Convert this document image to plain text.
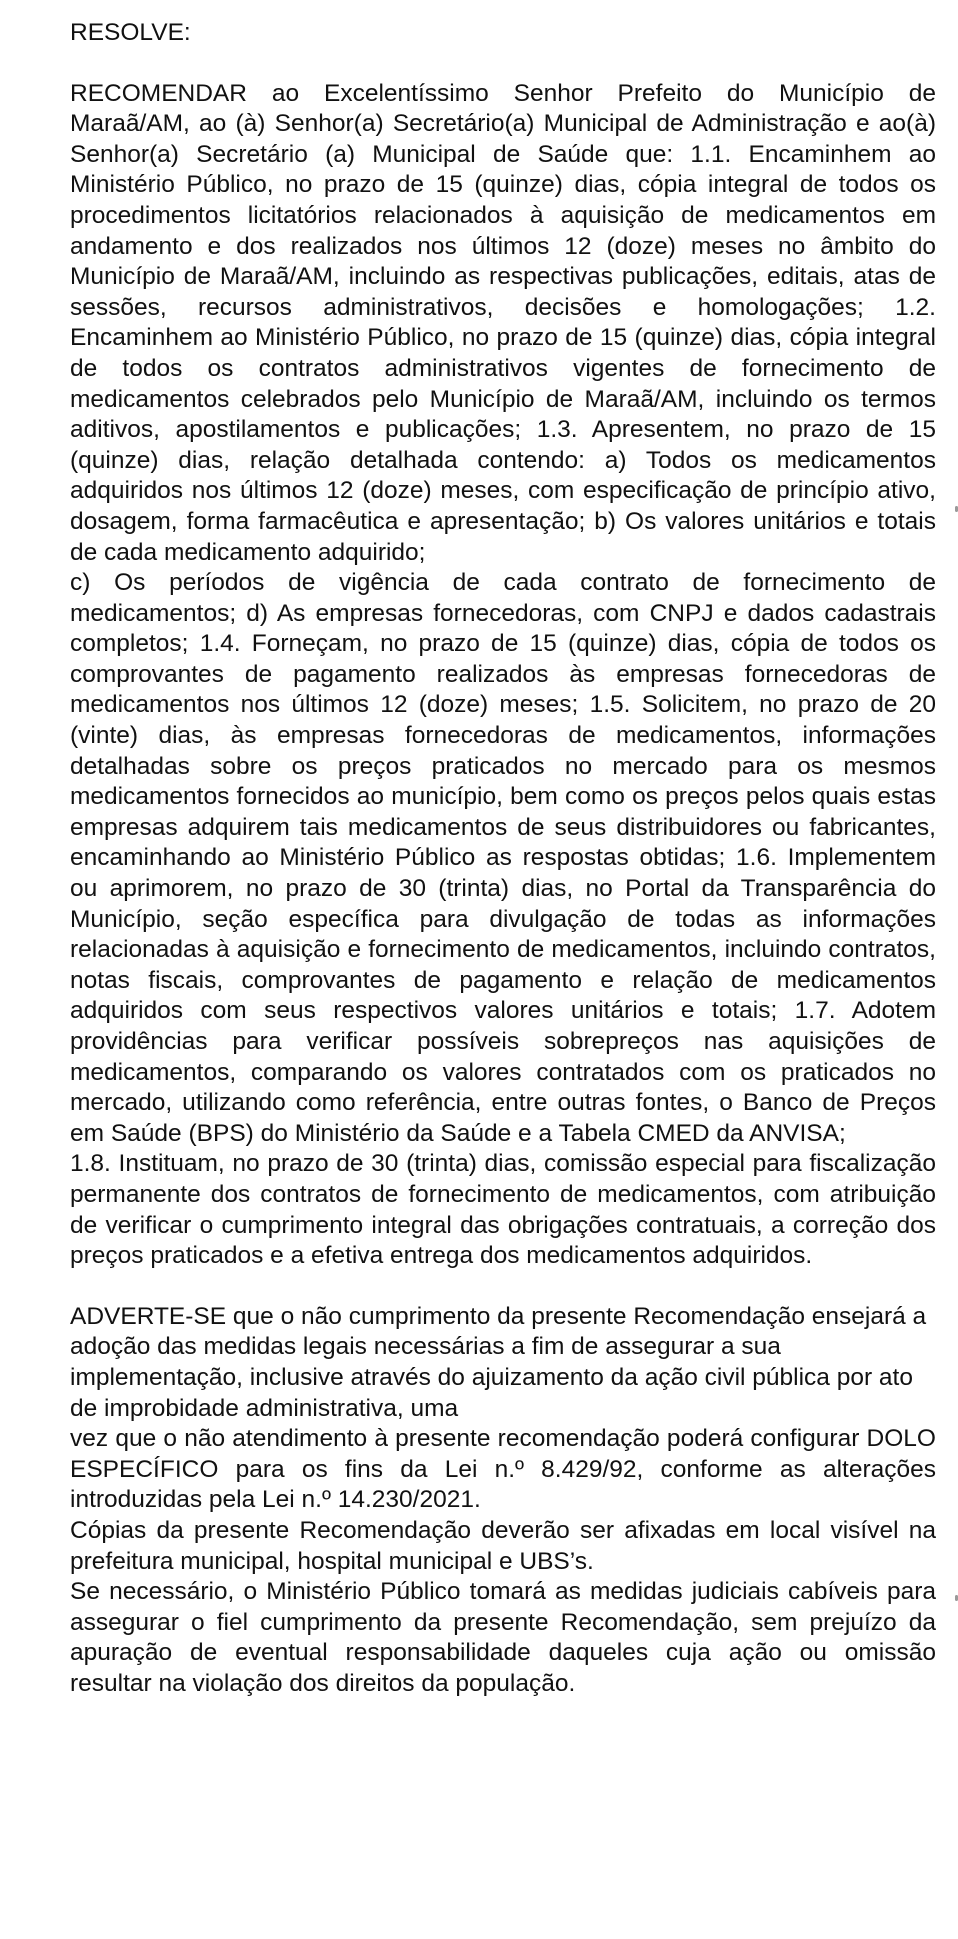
RESOLVE:

RECOMENDAR ao Excelentíssimo Senhor Prefeito do Município de Maraã/AM, ao (à) Senhor(a) Secretário(a) Municipal de Administração e ao(à) Senhor(a) Secretário (a) Municipal de Saúde que: 1.1. Encaminhem ao Ministério Público, no prazo de 15 (quinze) dias, cópia integral de todos os procedimentos licitatórios relacionados à aquisição de medicamentos em andamento e dos realizados nos últimos 12 (doze) meses no âmbito do Município de Maraã/AM, incluindo as respectivas publicações, editais, atas de sessões, recursos administrativos, decisões e homologações; 1.2. Encaminhem ao Ministério Público, no prazo de 15 (quinze) dias, cópia integral de todos os contratos administrativos vigentes de fornecimento de medicamentos celebrados pelo Município de Maraã/AM, incluindo os termos aditivos, apostilamentos e publicações; 1.3. Apresentem, no prazo de 15 (quinze) dias, relação detalhada contendo: a) Todos os medicamentos adquiridos nos últimos 12 (doze) meses, com especificação de princípio ativo, dosagem, forma farmacêutica e apresentação; b) Os valores unitários e totais de cada medicamento adquirido;

c) Os períodos de vigência de cada contrato de fornecimento de medicamentos; d) As empresas fornecedoras, com CNPJ e dados cadastrais completos; 1.4. Forneçam, no prazo de 15 (quinze) dias, cópia de todos os comprovantes de pagamento realizados às empresas fornecedoras de medicamentos nos últimos 12 (doze) meses; 1.5. Solicitem, no prazo de 20 (vinte) dias, às empresas fornecedoras de medicamentos, informações detalhadas sobre os preços praticados no mercado para os mesmos medicamentos fornecidos ao município, bem como os preços pelos quais estas empresas adquirem tais medicamentos de seus distribuidores ou fabricantes, encaminhando ao Ministério Público as respostas obtidas; 1.6. Implementem ou aprimorem, no prazo de 30 (trinta) dias, no Portal da Transparência do Município, seção específica para divulgação de todas as informações relacionadas à aquisição e fornecimento de medicamentos, incluindo contratos, notas fiscais, comprovantes de pagamento e relação de medicamentos adquiridos com seus respectivos valores unitários e totais; 1.7. Adotem providências para verificar possíveis sobrepreços nas aquisições de medicamentos, comparando os valores contratados com os praticados no mercado, utilizando como referência, entre outras fontes, o Banco de Preços em Saúde (BPS) do Ministério da Saúde e a Tabela CMED da ANVISA;

1.8. Instituam, no prazo de 30 (trinta) dias, comissão especial para fiscalização permanente dos contratos de fornecimento de medicamentos, com atribuição de verificar o cumprimento integral das obrigações contratuais, a correção dos preços praticados e a efetiva entrega dos medicamentos adquiridos.

ADVERTE-SE que o não cumprimento da presente Recomendação ensejará a adoção das medidas legais necessárias a fim de assegurar a sua implementação, inclusive através do ajuizamento da ação civil pública por ato de improbidade administrativa, uma

vez que o não atendimento à presente recomendação poderá configurar DOLO ESPECÍFICO para os fins da Lei n.º 8.429/92, conforme as alterações introduzidas pela Lei n.º 14.230/2021.

Cópias da presente Recomendação deverão ser afixadas em local visível na prefeitura municipal, hospital municipal e UBS’s.

Se necessário, o Ministério Público tomará as medidas judiciais cabíveis para assegurar o fiel cumprimento da presente Recomendação, sem prejuízo da apuração de eventual responsabilidade daqueles cuja ação ou omissão resultar na violação dos direitos da população.
